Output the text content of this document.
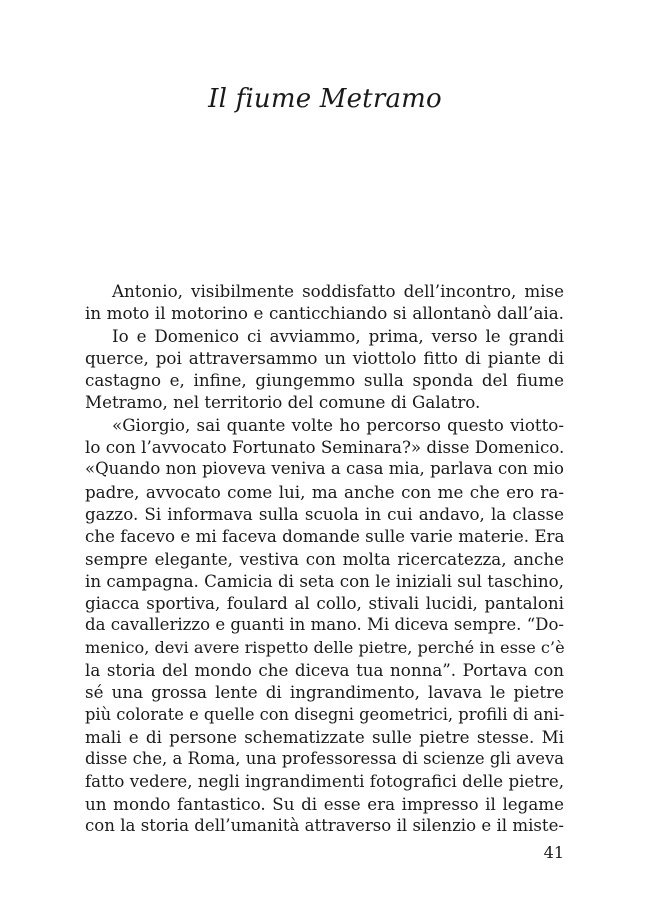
Il fiume Metramo
Antonio, visibilmente soddisfatto dell’incontro, mise
in moto il motorino e canticchiando si allontanò dall’aia.
Io e Domenico ci avviammo, prima, verso le grandi
querce, poi attraversammo un viottolo fitto di piante di
castagno e, infine, giungemmo sulla sponda del fiume
Metramo, nel territorio del comune di Galatro.
«Giorgio, sai quante volte ho percorso questo viotto-
lo con l’avvocato Fortunato Seminara?» disse Domenico.
«Quando non pioveva veniva a casa mia, parlava con mio
padre, avvocato come lui, ma anche con me che ero ra-
gazzo. Si informava sulla scuola in cui andavo, la classe
che facevo e mi faceva domande sulle varie materie. Era
sempre elegante, vestiva con molta ricercatezza, anche
in campagna. Camicia di seta con le iniziali sul taschino,
giacca sportiva, foulard al collo, stivali lucidi, pantaloni
da cavallerizzo e guanti in mano. Mi diceva sempre. “Do-
menico, devi avere rispetto delle pietre, perché in esse c’è
la storia del mondo che diceva tua nonna”. Portava con
sé una grossa lente di ingrandimento, lavava le pietre
più colorate e quelle con disegni geometrici, profili di ani-
mali e di persone schematizzate sulle pietre stesse. Mi
disse che, a Roma, una professoressa di scienze gli aveva
fatto vedere, negli ingrandimenti fotografici delle pietre,
un mondo fantastico. Su di esse era impresso il legame
con la storia dell’umanità attraverso il silenzio e il miste-
41
